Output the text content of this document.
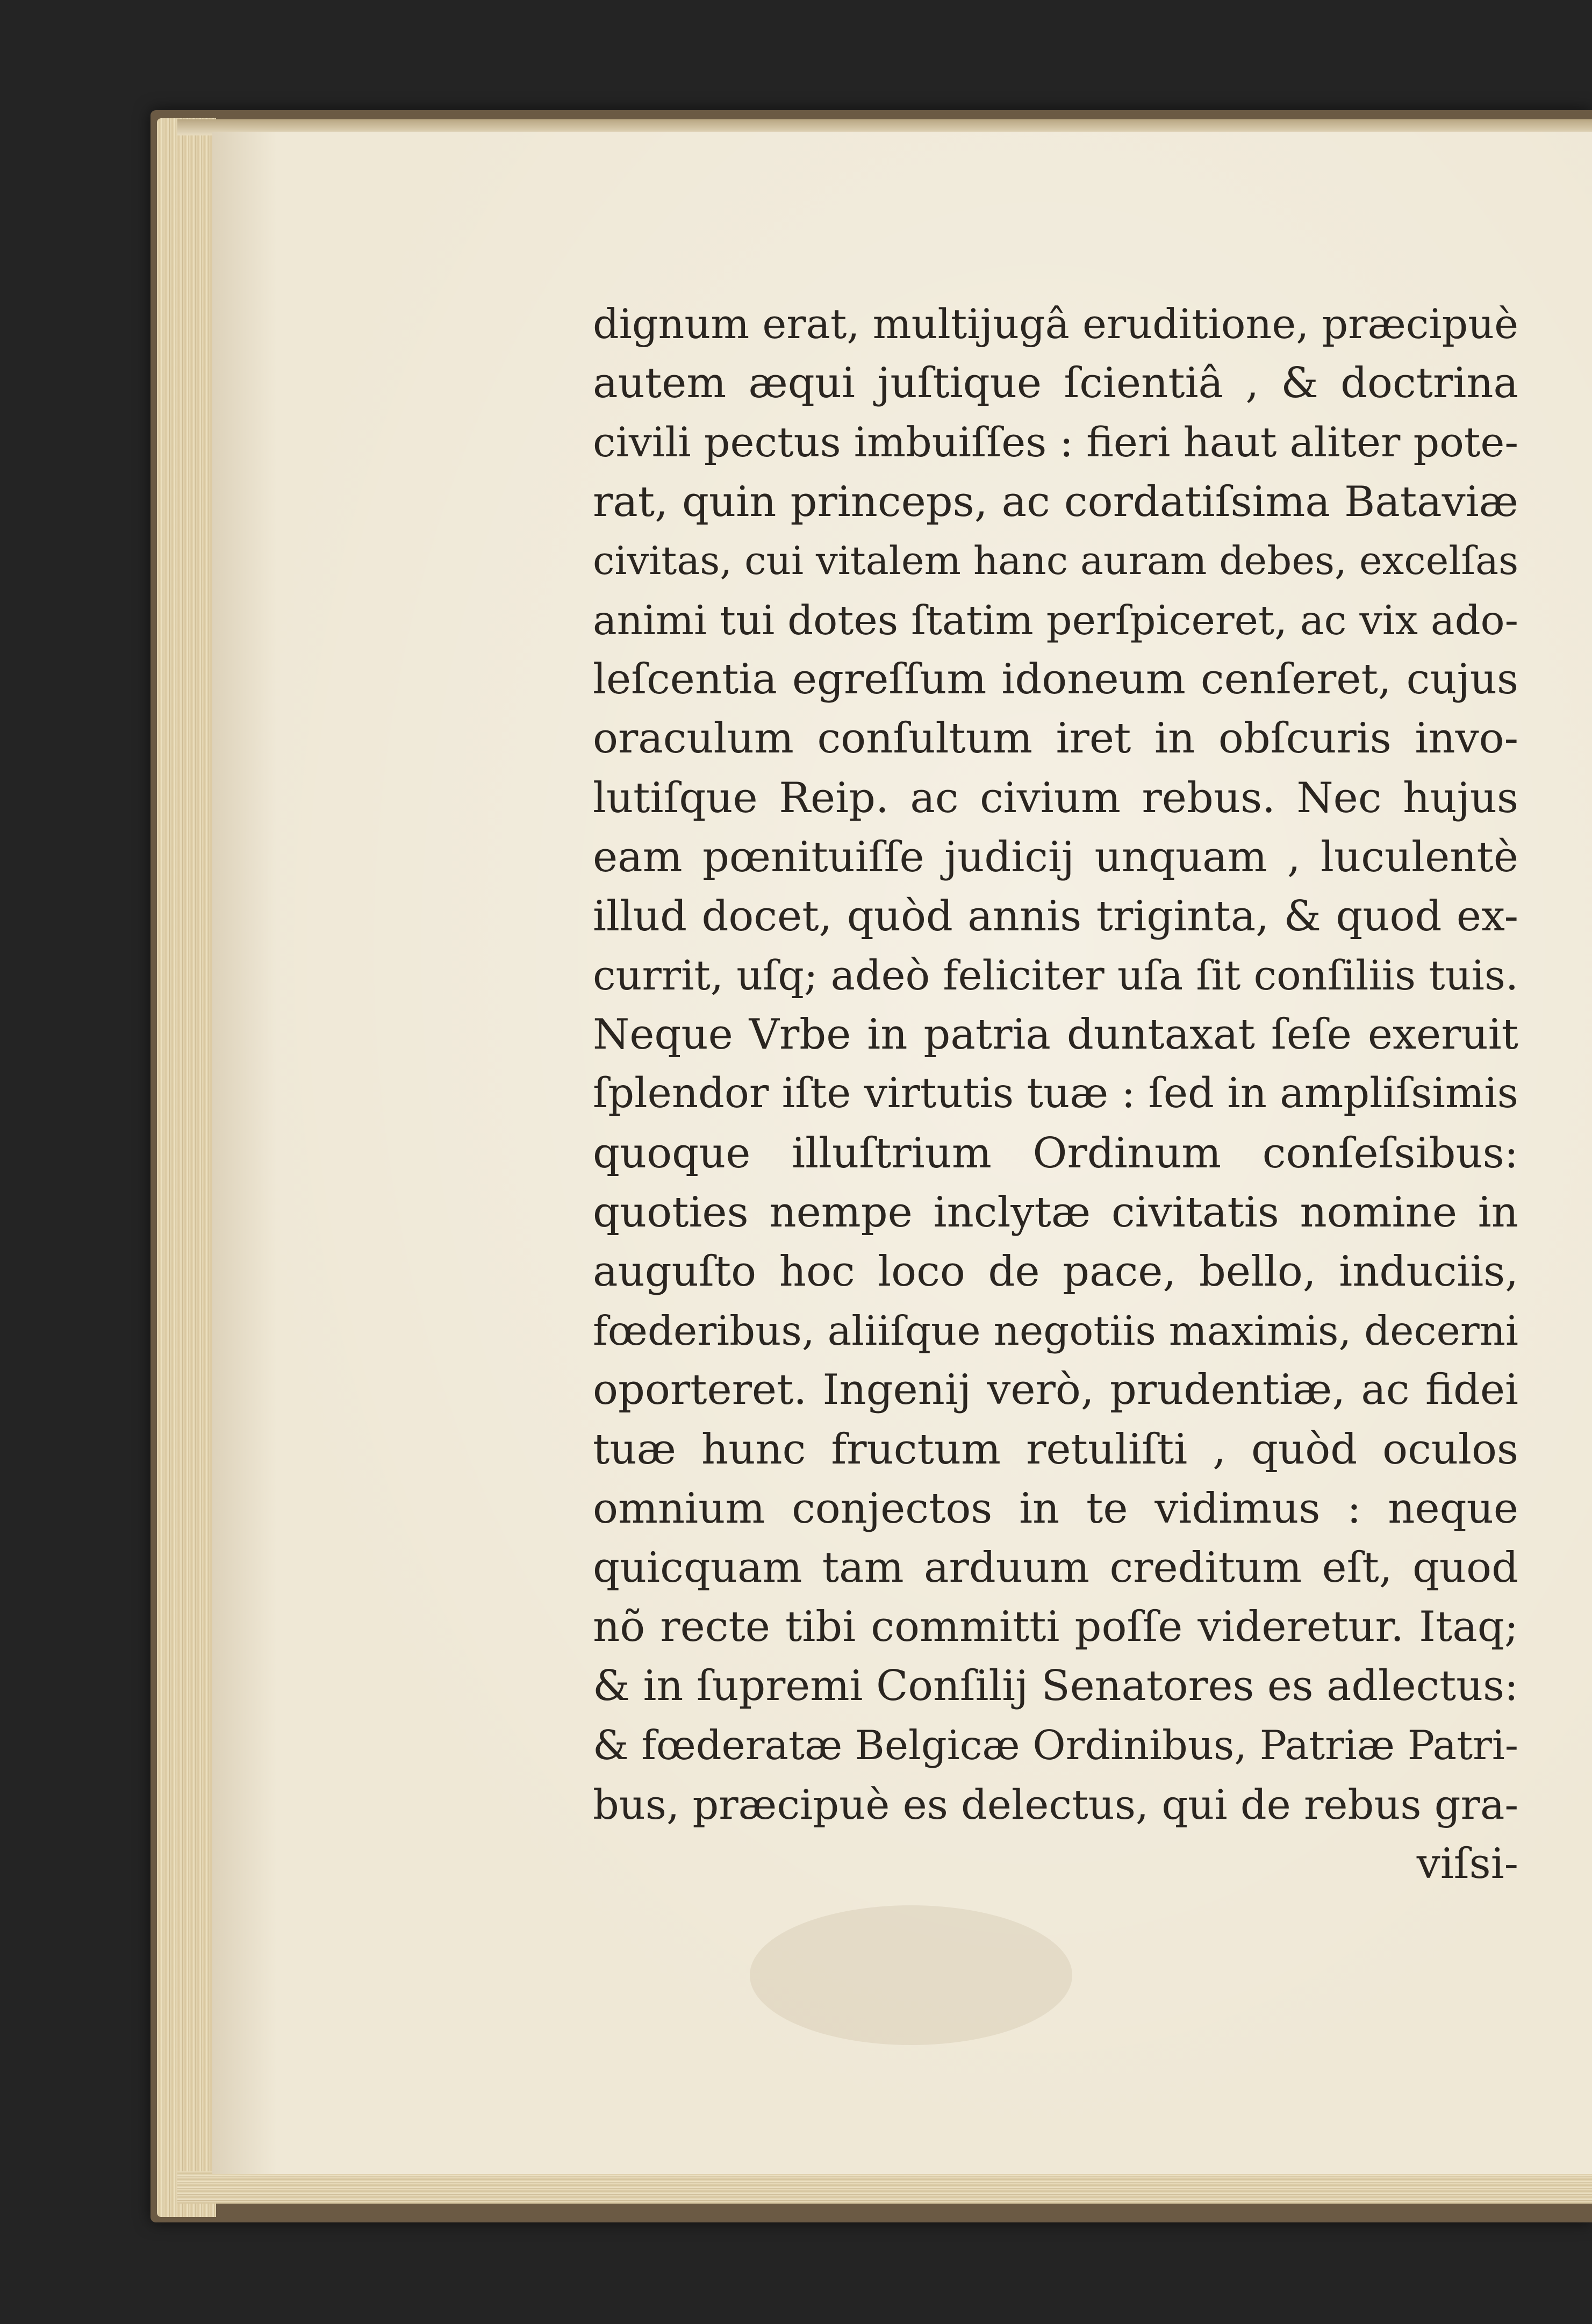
dignum erat, multijugâ eruditione, præcipuè
autem æqui juſtique ſcientiâ , & doctrina
civili pectus imbuiſſes : fieri haut aliter pote-
rat, quin princeps, ac cordatiſsima Bataviæ
civitas, cui vitalem hanc auram debes, excelſas
animi tui dotes ſtatim perſpiceret, ac vix ado-
leſcentia egreſſum idoneum cenſeret, cujus
oraculum conſultum iret in obſcuris invo-
lutiſque Reip. ac civium rebus. Nec hujus
eam pœnituiſſe judicij unquam , luculentè
illud docet, quòd annis triginta, & quod ex-
currit, uſq; adeò feliciter uſa ſit conſiliis tuis.
Neque Vrbe in patria duntaxat ſeſe exeruit
ſplendor iſte virtutis tuæ : ſed in ampliſsimis
quoque illuſtrium Ordinum conſeſsibus:
quoties nempe inclytæ civitatis nomine in
auguſto hoc loco de pace, bello, induciis,
fœderibus, aliiſque negotiis maximis, decerni
oporteret. Ingenij verò, prudentiæ, ac fidei
tuæ hunc fructum retuliſti , quòd oculos
omnium conjectos in te vidimus : neque
quicquam tam arduum creditum eſt, quod
nõ recte tibi committi poſſe videretur. Itaq;
& in ſupremi Conſilij Senatores es adlectus:
& fœderatæ Belgicæ Ordinibus, Patriæ Patri-
bus, præcipuè es delectus, qui de rebus gra-
viſsi-
